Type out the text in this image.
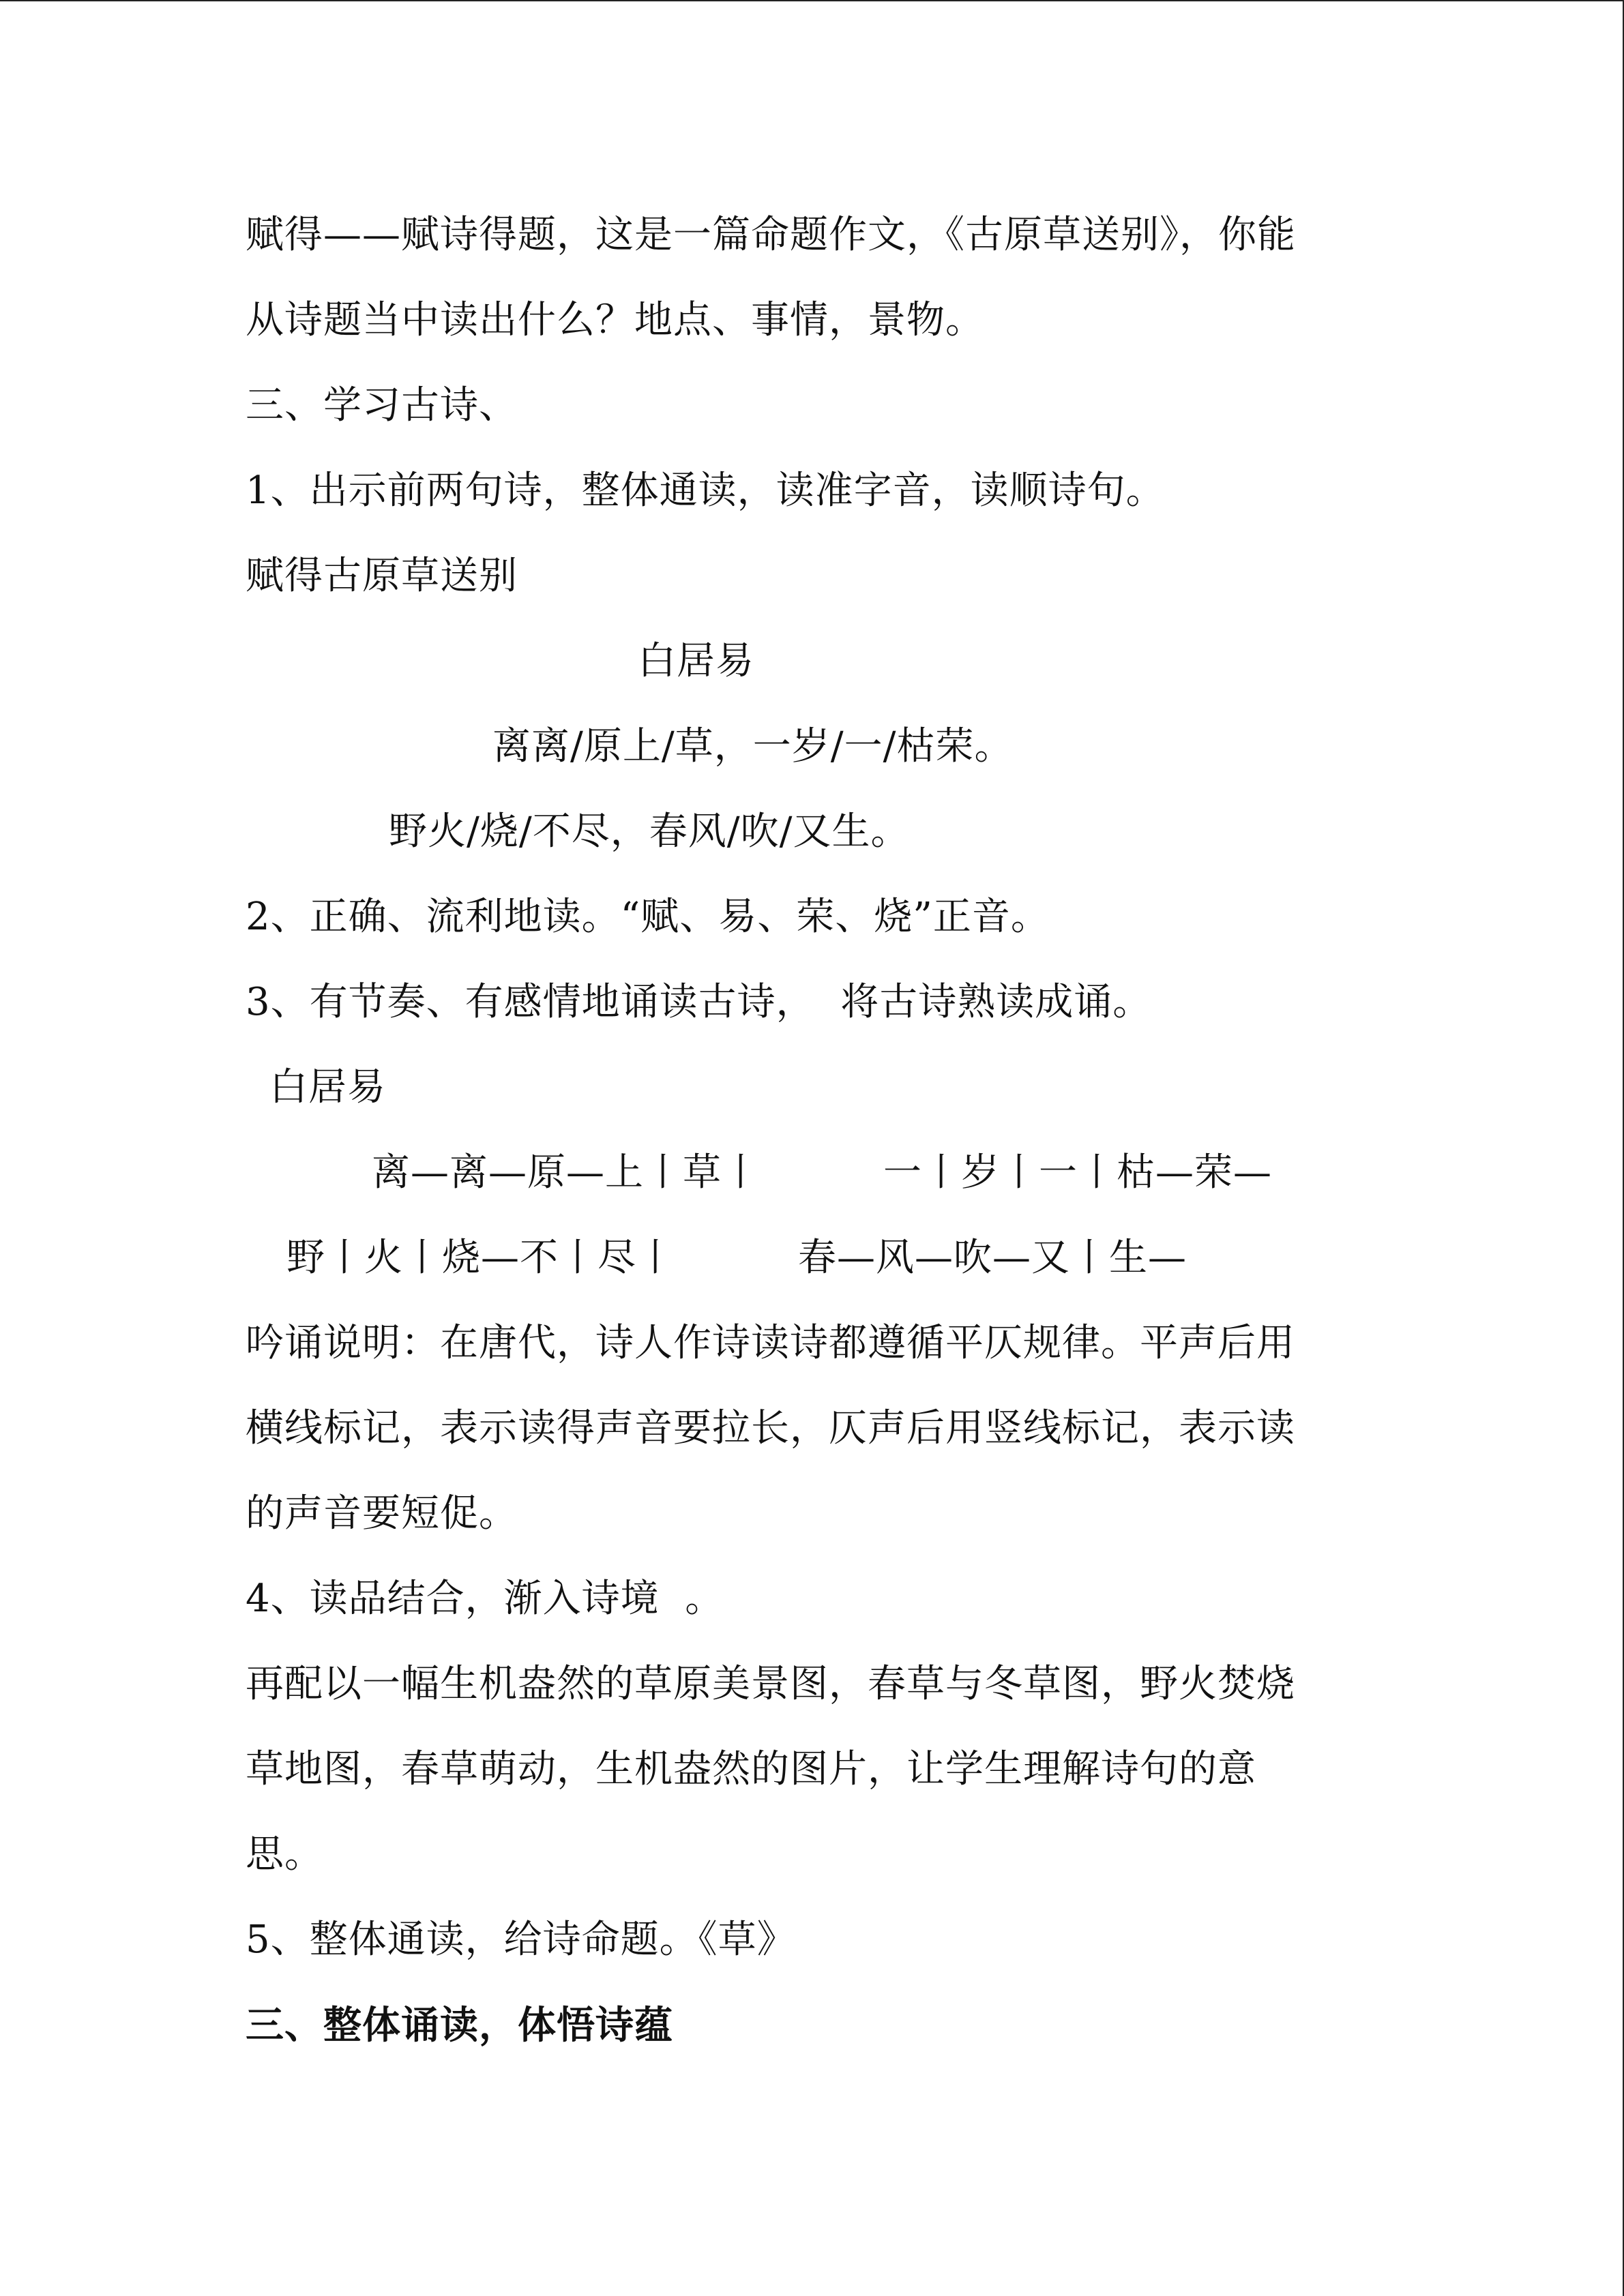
赋得——赋诗得题，这是一篇命题作文，《古原草送别》，你能
从诗题当中读出什么？地点、事情，景物。
三、学习古诗、
1、出示前两句诗，整体通读，读准字音，读顺诗句。
赋得古原草送别
白居易
离离/原上/草，一岁/一/枯荣。
野火/烧/不尽，春风/吹/又生。
2、正确、流利地读。“赋、易、荣、烧”正音。
3、有节奏、有感情地诵读古诗，  将古诗熟读成诵。
白居易
离—离—原—上丨草丨	一丨岁丨一丨枯—荣—
野丨火丨烧—不丨尽丨	春—风—吹—又丨生—
吟诵说明：在唐代，诗人作诗读诗都遵循平仄规律。平声后用
横线标记，表示读得声音要拉长，仄声后用竖线标记，表示读
的声音要短促。
4、读品结合，渐入诗境  。
再配以一幅生机盎然的草原美景图，春草与冬草图，野火焚烧
草地图，春草萌动，生机盎然的图片，让学生理解诗句的意
思。
5、整体通读，给诗命题。《草》
三、整体诵读，体悟诗蕴
